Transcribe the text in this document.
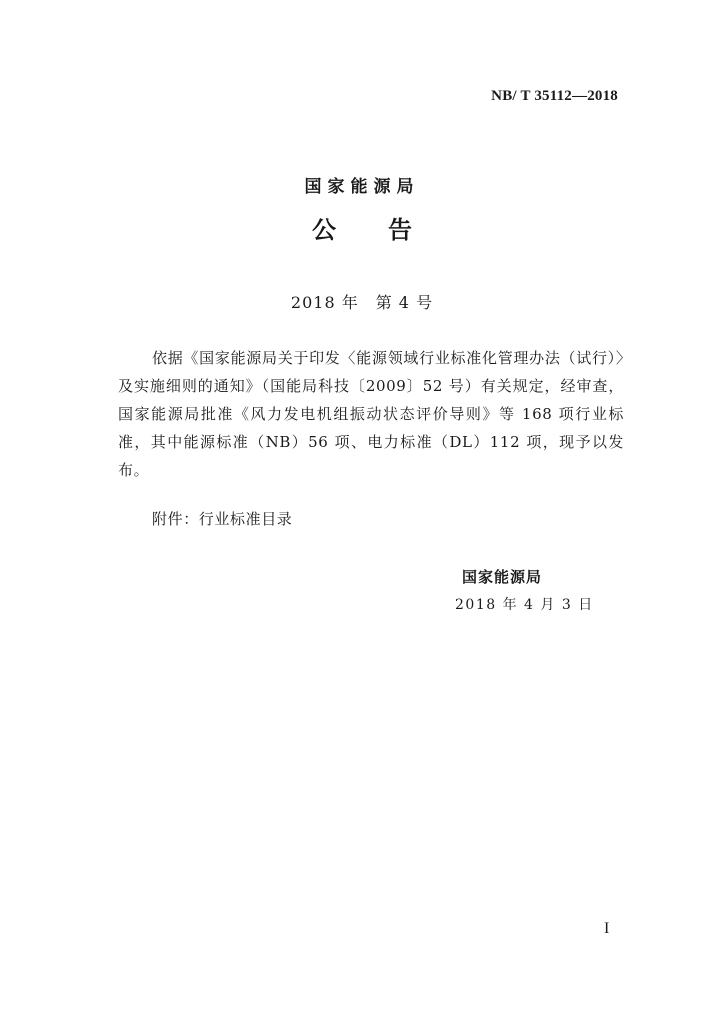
NB/ T 35112—2018
国家能源局
公告
2018 年　第 4 号

依据《国家能源局关于印发〈能源领域行业标准化管理办法（试行）〉及实施细则的通知》（国能局科技〔2009〕52 号）有关规定，经审查，国家能源局批准《风力发电机组振动状态评价导则》等 168 项行业标准，其中能源标准（NB）56 项、电力标准（DL）112 项，现予以发布。

附件：行业标准目录
国家能源局
2018 年 4 月 3 日
I
